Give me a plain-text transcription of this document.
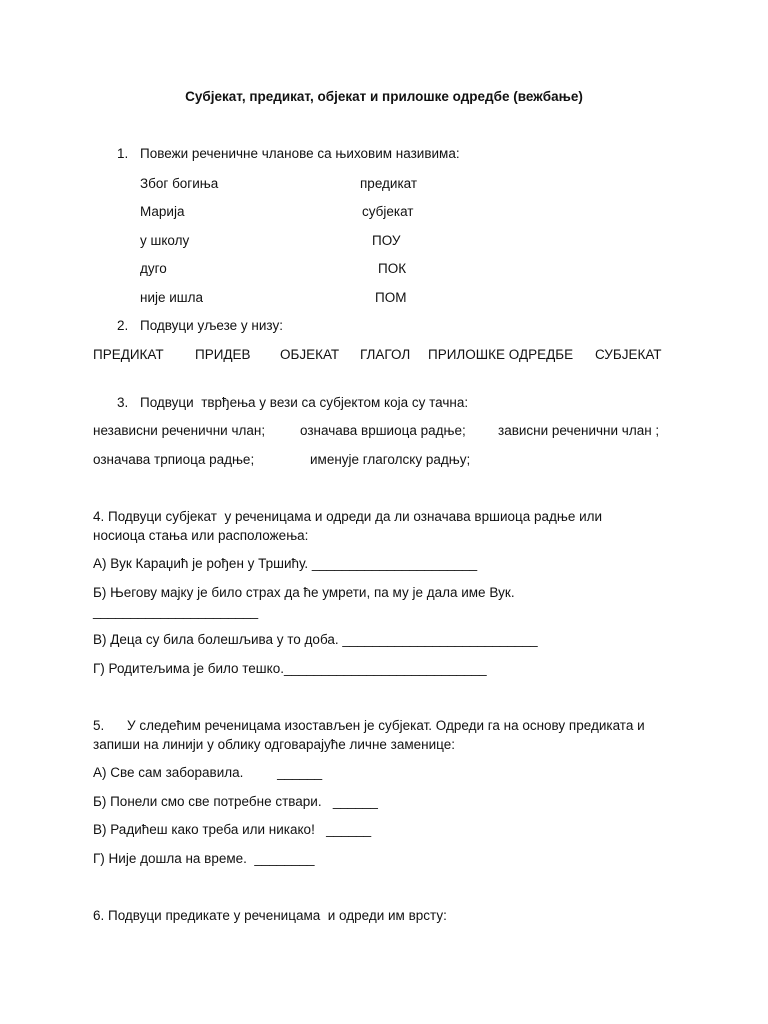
Субјекат, предикат, објекат и прилошке одредбе (вежбање)
1. Повежи реченичне чланове са њиховим називима:
Због богиња
Марија
у школу
дуго
није ишла
предикат
субјекат
ПОУ
ПОК
ПОМ
2. Подвуци уљезе у низу:
ПРЕДИКАТ ПРИДЕВ ОБЈЕКАТ ГЛАГОЛ ПРИЛОШКЕ ОДРЕДБЕ СУБЈЕКАТ
3. Подвуци  тврђења у вези са субјектом која су тачна:
независни реченични члан;	означава вршиоца радње; зависни реченични члан ;
означава трпиоца радње;	именује глаголску радњу;
4. Подвуци субјекат  у реченицама и одреди да ли означава вршиоца радње или
носиоца стања или расположења:
А) Вук Караџић је рођен у Тршићу. ______________________
Б) Његову мајку је било страх да ће умрети, па му је дала име Вук.
______________________
В) Деца су била болешљива у то доба. __________________________
Г) Родитељима је било тешко.___________________________
5. У следећим реченицама изостављен је субјекат. Одреди га на основу предиката и
запиши на линији у облику одговарајуће личне заменице:
А) Све сам заборавила.         ______
Б) Понели смо све потребне ствари.   ______
В) Радићеш како треба или никако!   ______
Г) Није дошла на време.  ________
6. Подвуци предикате у реченицама  и одреди им врсту:
